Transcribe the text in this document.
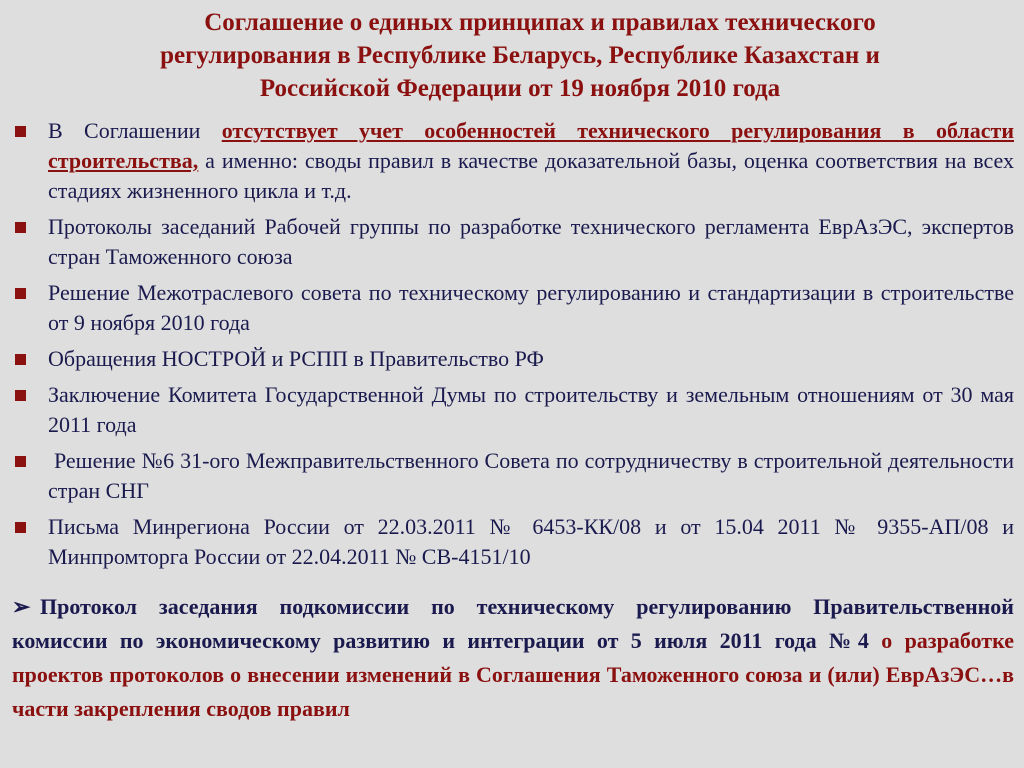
Соглашение о единых принципах и правилах технического
регулирования в Республике Беларусь, Республике Казахстан и
Российской Федерации от 19 ноября 2010 года
В Соглашении отсутствует учет особенностей технического регулирования в области строительства, а именно: своды правил в качестве доказательной базы, оценка соответствия на всех стадиях жизненного цикла и т.д.
Протоколы заседаний Рабочей группы по разработке технического регламента ЕврАзЭС, экспертов стран Таможенного союза
Решение Межотраслевого совета по техническому регулированию и стандартизации в строительстве от 9 ноября 2010 года
Обращения НОСТРОЙ и РСПП в Правительство РФ
Заключение Комитета Государственной Думы по строительству и земельным отношениям от 30 мая 2011 года
Решение №6 31-ого Межправительственного Совета по сотрудничеству в строительной деятельности стран СНГ
Письма Минрегиона России от 22.03.2011 № 6453-КК/08 и от 15.04 2011 № 9355-АП/08 и Минпромторга России от 22.04.2011 № СВ-4151/10
➢ Протокол заседания подкомиссии по техническому регулированию Правительственной комиссии по экономическому развитию и интеграции от 5 июля 2011 года №4 о разработке проектов протоколов о внесении изменений в Соглашения Таможенного союза и (или) ЕврАзЭС…в части закрепления сводов правил
